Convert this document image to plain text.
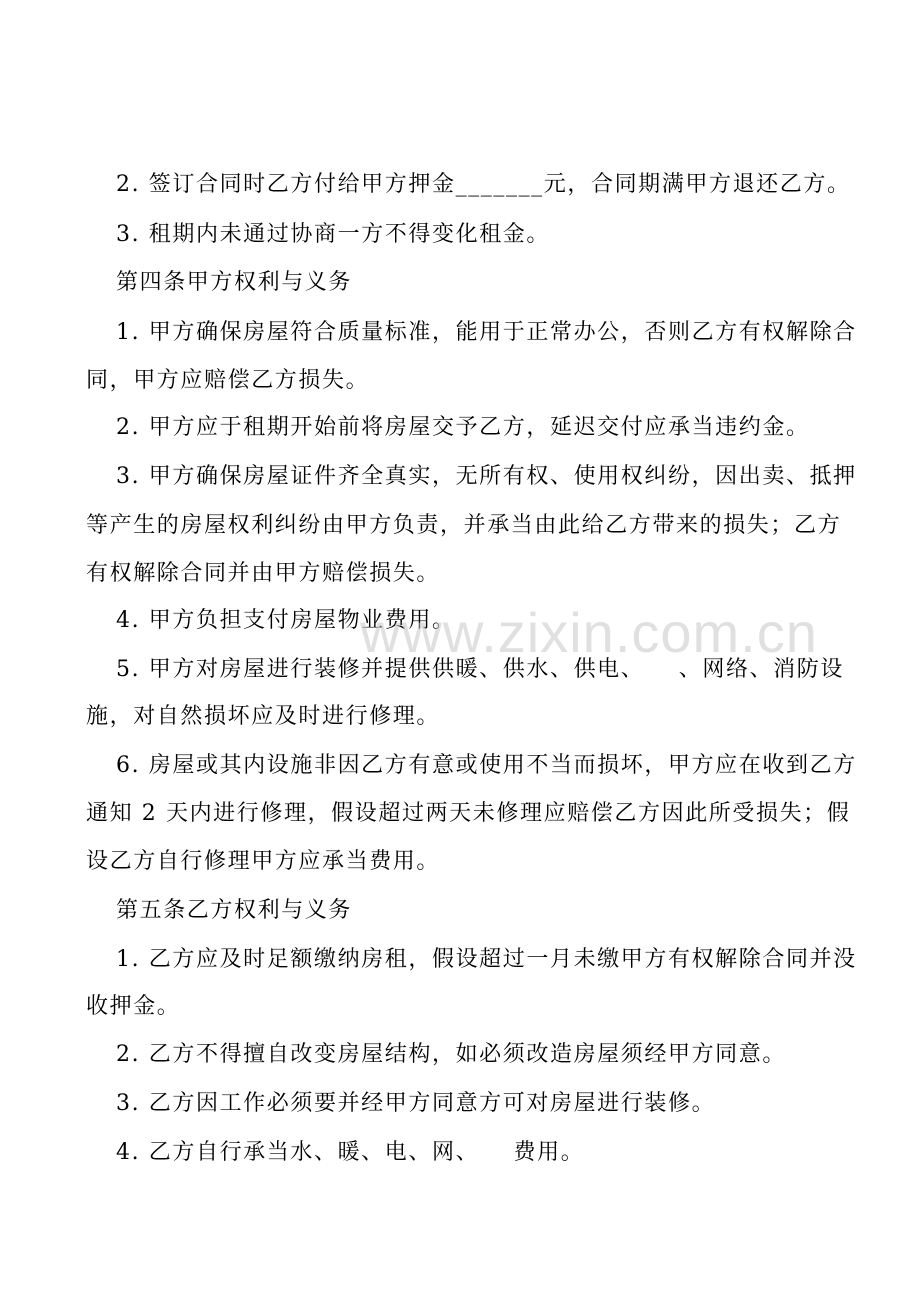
2. 签订合同时乙方付给甲方押金_______元，合同期满甲方退还乙方。
3. 租期内未通过协商一方不得变化租金。
第四条甲方权利与义务
1. 甲方确保房屋符合质量标准，能用于正常办公，否则乙方有权解除合
同，甲方应赔偿乙方损失。
2. 甲方应于租期开始前将房屋交予乙方，延迟交付应承当违约金。
3. 甲方确保房屋证件齐全真实，无所有权、使用权纠纷，因出卖、抵押
等产生的房屋权利纠纷由甲方负责，并承当由此给乙方带来的损失；乙方
有权解除合同并由甲方赔偿损失。
4. 甲方负担支付房屋物业费用。
5. 甲方对房屋进行装修并提供供暖、供水、供电、    、网络、消防设
施，对自然损坏应及时进行修理。
6. 房屋或其内设施非因乙方有意或使用不当而损坏，甲方应在收到乙方
通知 2 天内进行修理，假设超过两天未修理应赔偿乙方因此所受损失；假
设乙方自行修理甲方应承当费用。
第五条乙方权利与义务
1. 乙方应及时足额缴纳房租，假设超过一月未缴甲方有权解除合同并没
收押金。
2. 乙方不得擅自改变房屋结构，如必须改造房屋须经甲方同意。
3. 乙方因工作必须要并经甲方同意方可对房屋进行装修。
4. 乙方自行承当水、暖、电、网、    费用。
www.zixin.com.cn
